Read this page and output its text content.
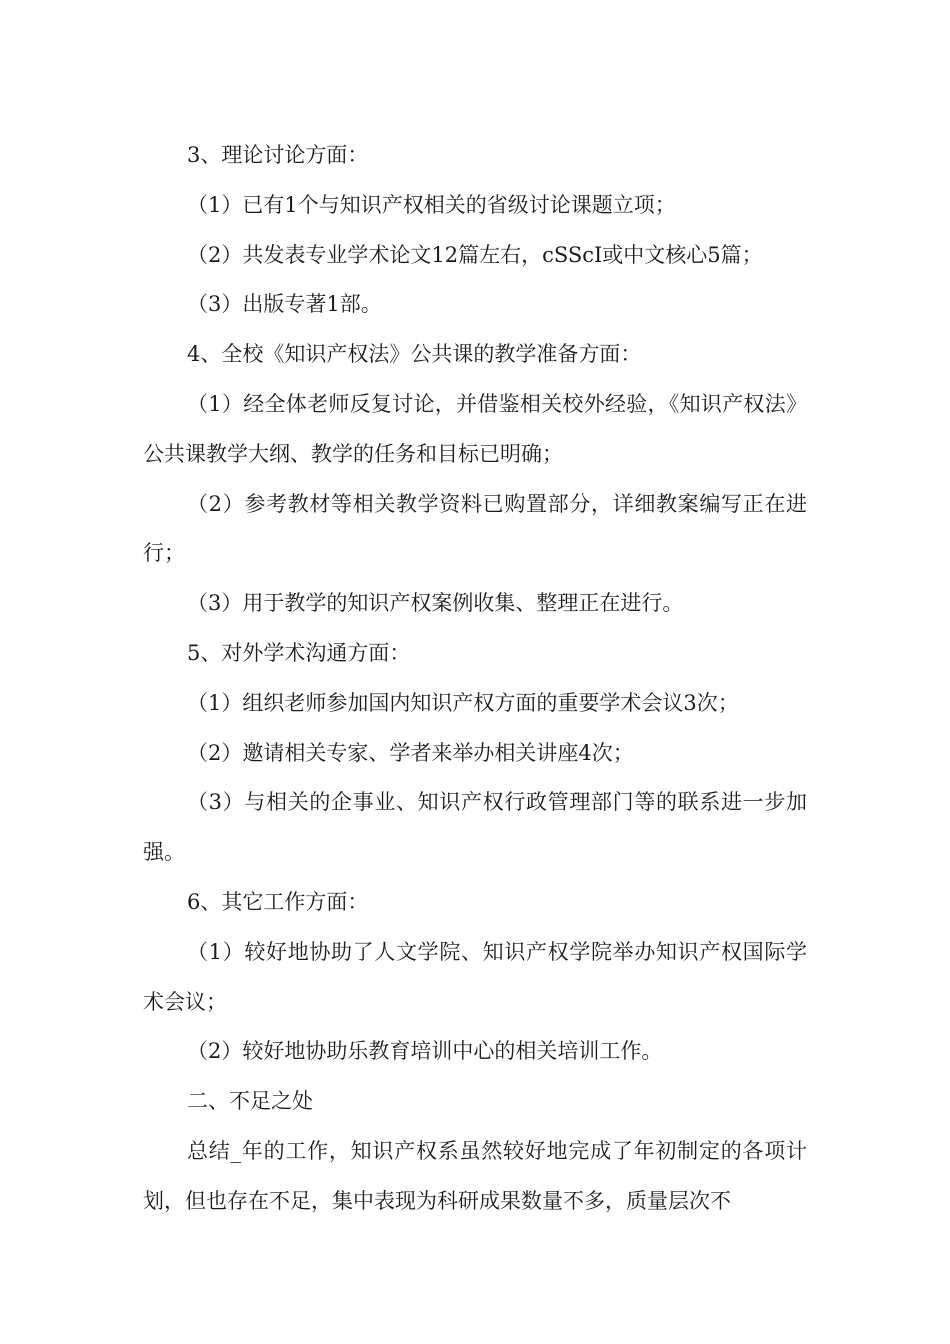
3、理论讨论方面：

（1）已有1个与知识产权相关的省级讨论课题立项；

（2）共发表专业学术论文12篇左右，cSScI或中文核心5篇；

（3）出版专著1部。

4、全校《知识产权法》公共课的教学准备方面：

（1）经全体老师反复讨论，并借鉴相关校外经验，《知识产权法》公共课教学大纲、教学的任务和目标已明确；

（2）参考教材等相关教学资料已购置部分，详细教案编写正在进行；

（3）用于教学的知识产权案例收集、整理正在进行。

5、对外学术沟通方面：

（1）组织老师参加国内知识产权方面的重要学术会议3次；

（2）邀请相关专家、学者来举办相关讲座4次；

（3）与相关的企事业、知识产权行政管理部门等的联系进一步加强。

6、其它工作方面：

（1）较好地协助了人文学院、知识产权学院举办知识产权国际学术会议；

（2）较好地协助乐教育培训中心的相关培训工作。

二、不足之处

总结_年的工作，知识产权系虽然较好地完成了年初制定的各项计划，但也存在不足，集中表现为科研成果数量不多，质量层次不
